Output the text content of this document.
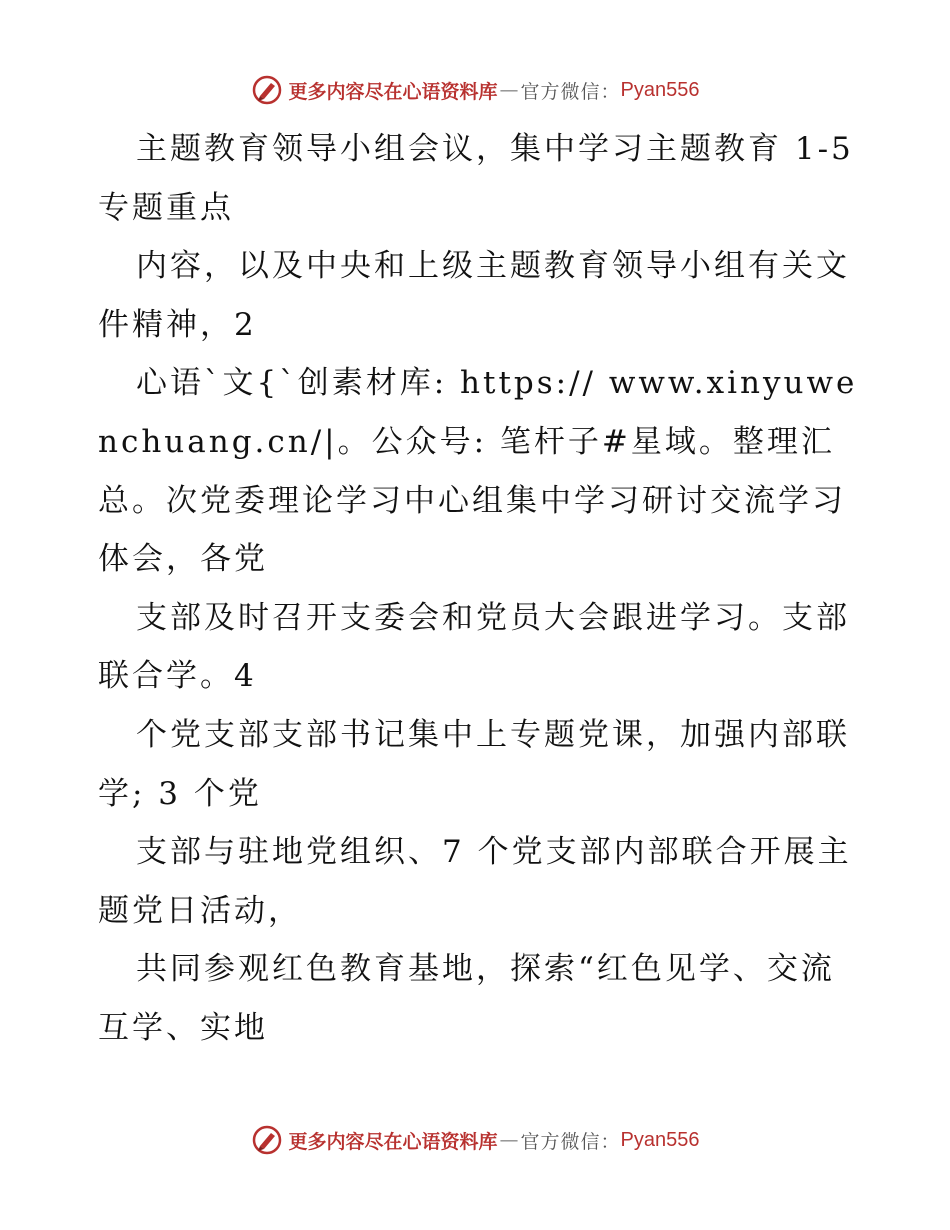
更多内容尽在心语资料库 — 官方微信： Pyan556

主题教育领导小组会议，集中学习主题教育 1-5 专题重点

内容，以及中央和上级主题教育领导小组有关文件精神，2

心语`文{`创素材库: https:// www.xinyuwenchuang.cn/|。公众号: 笔杆子#星域。整理汇总。次党委理论学习中心组集中学习研讨交流学习体会，各党

支部及时召开支委会和党员大会跟进学习。支部联合学。4

个党支部支部书记集中上专题党课，加强内部联学; 3 个党

支部与驻地党组织、7 个党支部内部联合开展主题党日活动，

共同参观红色教育基地，探索“红色见学、交流互学、实地

更多内容尽在心语资料库 — 官方微信： Pyan556
